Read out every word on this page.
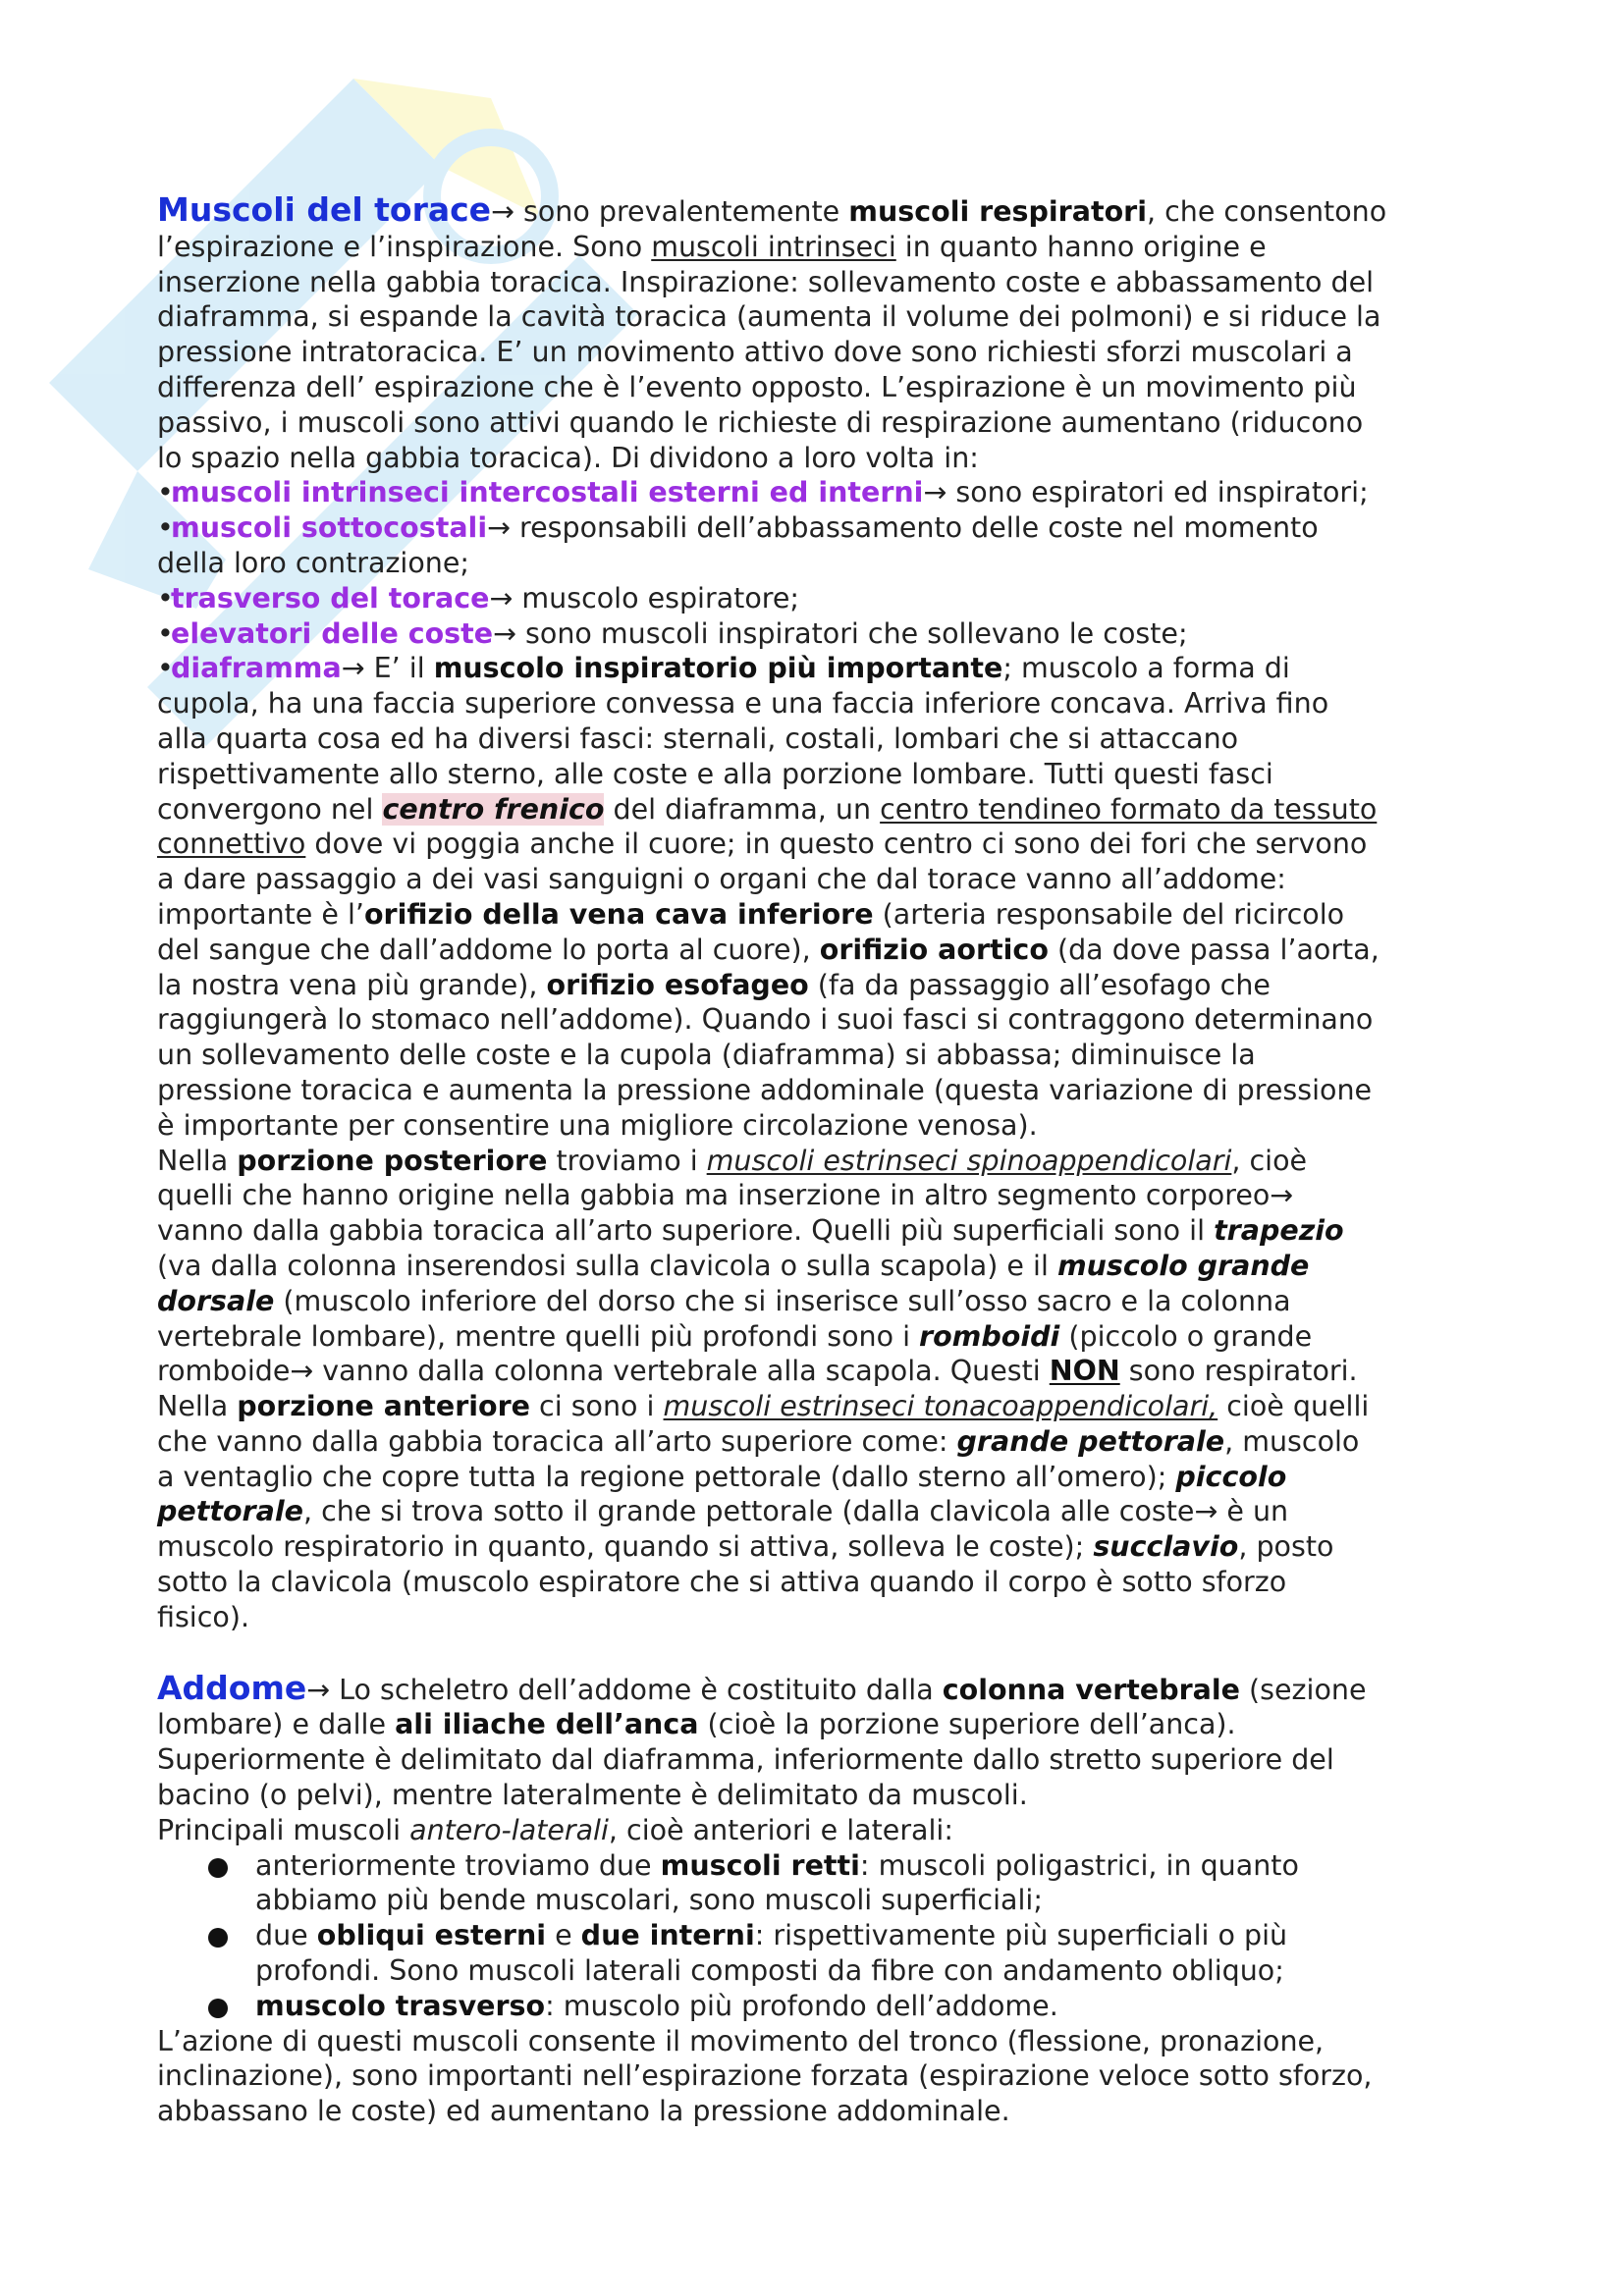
Muscoli del torace→ sono prevalentemente muscoli respiratori, che consentono
l’espirazione e l’inspirazione. Sono muscoli intrinseci in quanto hanno origine e
inserzione nella gabbia toracica. Inspirazione: sollevamento coste e abbassamento del
diaframma, si espande la cavità toracica (aumenta il volume dei polmoni) e si riduce la
pressione intratoracica. E’ un movimento attivo dove sono richiesti sforzi muscolari a
differenza dell’ espirazione che è l’evento opposto. L’espirazione è un movimento più
passivo, i muscoli sono attivi quando le richieste di respirazione aumentano (riducono
lo spazio nella gabbia toracica). Di dividono a loro volta in:
•muscoli intrinseci intercostali esterni ed interni→ sono espiratori ed inspiratori;
•muscoli sottocostali→ responsabili dell’abbassamento delle coste nel momento
della loro contrazione;
•trasverso del torace→ muscolo espiratore;
•elevatori delle coste→ sono muscoli inspiratori che sollevano le coste;
•diaframma→ E’ il muscolo inspiratorio più importante; muscolo a forma di
cupola, ha una faccia superiore convessa e una faccia inferiore concava. Arriva fino
alla quarta cosa ed ha diversi fasci: sternali, costali, lombari che si attaccano
rispettivamente allo sterno, alle coste e alla porzione lombare. Tutti questi fasci
convergono nel centro frenico del diaframma, un centro tendineo formato da tessuto
connettivo dove vi poggia anche il cuore; in questo centro ci sono dei fori che servono
a dare passaggio a dei vasi sanguigni o organi che dal torace vanno all’addome:
importante è l’orifizio della vena cava inferiore (arteria responsabile del ricircolo
del sangue che dall’addome lo porta al cuore), orifizio aortico (da dove passa l’aorta,
la nostra vena più grande), orifizio esofageo (fa da passaggio all’esofago che
raggiungerà lo stomaco nell’addome). Quando i suoi fasci si contraggono determinano
un sollevamento delle coste e la cupola (diaframma) si abbassa; diminuisce la
pressione toracica e aumenta la pressione addominale (questa variazione di pressione
è importante per consentire una migliore circolazione venosa).
Nella porzione posteriore troviamo i muscoli estrinseci spinoappendicolari, cioè
quelli che hanno origine nella gabbia ma inserzione in altro segmento corporeo→
vanno dalla gabbia toracica all’arto superiore. Quelli più superficiali sono il trapezio
(va dalla colonna inserendosi sulla clavicola o sulla scapola) e il muscolo grande
dorsale (muscolo inferiore del dorso che si inserisce sull’osso sacro e la colonna
vertebrale lombare), mentre quelli più profondi sono i romboidi (piccolo o grande
romboide→ vanno dalla colonna vertebrale alla scapola. Questi NON sono respiratori.
Nella porzione anteriore ci sono i muscoli estrinseci tonacoappendicolari, cioè quelli
che vanno dalla gabbia toracica all’arto superiore come: grande pettorale, muscolo
a ventaglio che copre tutta la regione pettorale (dallo sterno all’omero); piccolo
pettorale, che si trova sotto il grande pettorale (dalla clavicola alle coste→ è un
muscolo respiratorio in quanto, quando si attiva, solleva le coste); succlavio, posto
sotto la clavicola (muscolo espiratore che si attiva quando il corpo è sotto sforzo
fisico).
Addome→ Lo scheletro dell’addome è costituito dalla colonna vertebrale (sezione
lombare) e dalle ali iliache dell’anca (cioè la porzione superiore dell’anca).
Superiormente è delimitato dal diaframma, inferiormente dallo stretto superiore del
bacino (o pelvi), mentre lateralmente è delimitato da muscoli.
Principali muscoli antero-laterali, cioè anteriori e laterali:
anteriormente troviamo due muscoli retti: muscoli poligastrici, in quanto
abbiamo più bende muscolari, sono muscoli superficiali;
due obliqui esterni e due interni: rispettivamente più superficiali o più
profondi. Sono muscoli laterali composti da fibre con andamento obliquo;
muscolo trasverso: muscolo più profondo dell’addome.
L’azione di questi muscoli consente il movimento del tronco (flessione, pronazione,
inclinazione), sono importanti nell’espirazione forzata (espirazione veloce sotto sforzo,
abbassano le coste) ed aumentano la pressione addominale.
